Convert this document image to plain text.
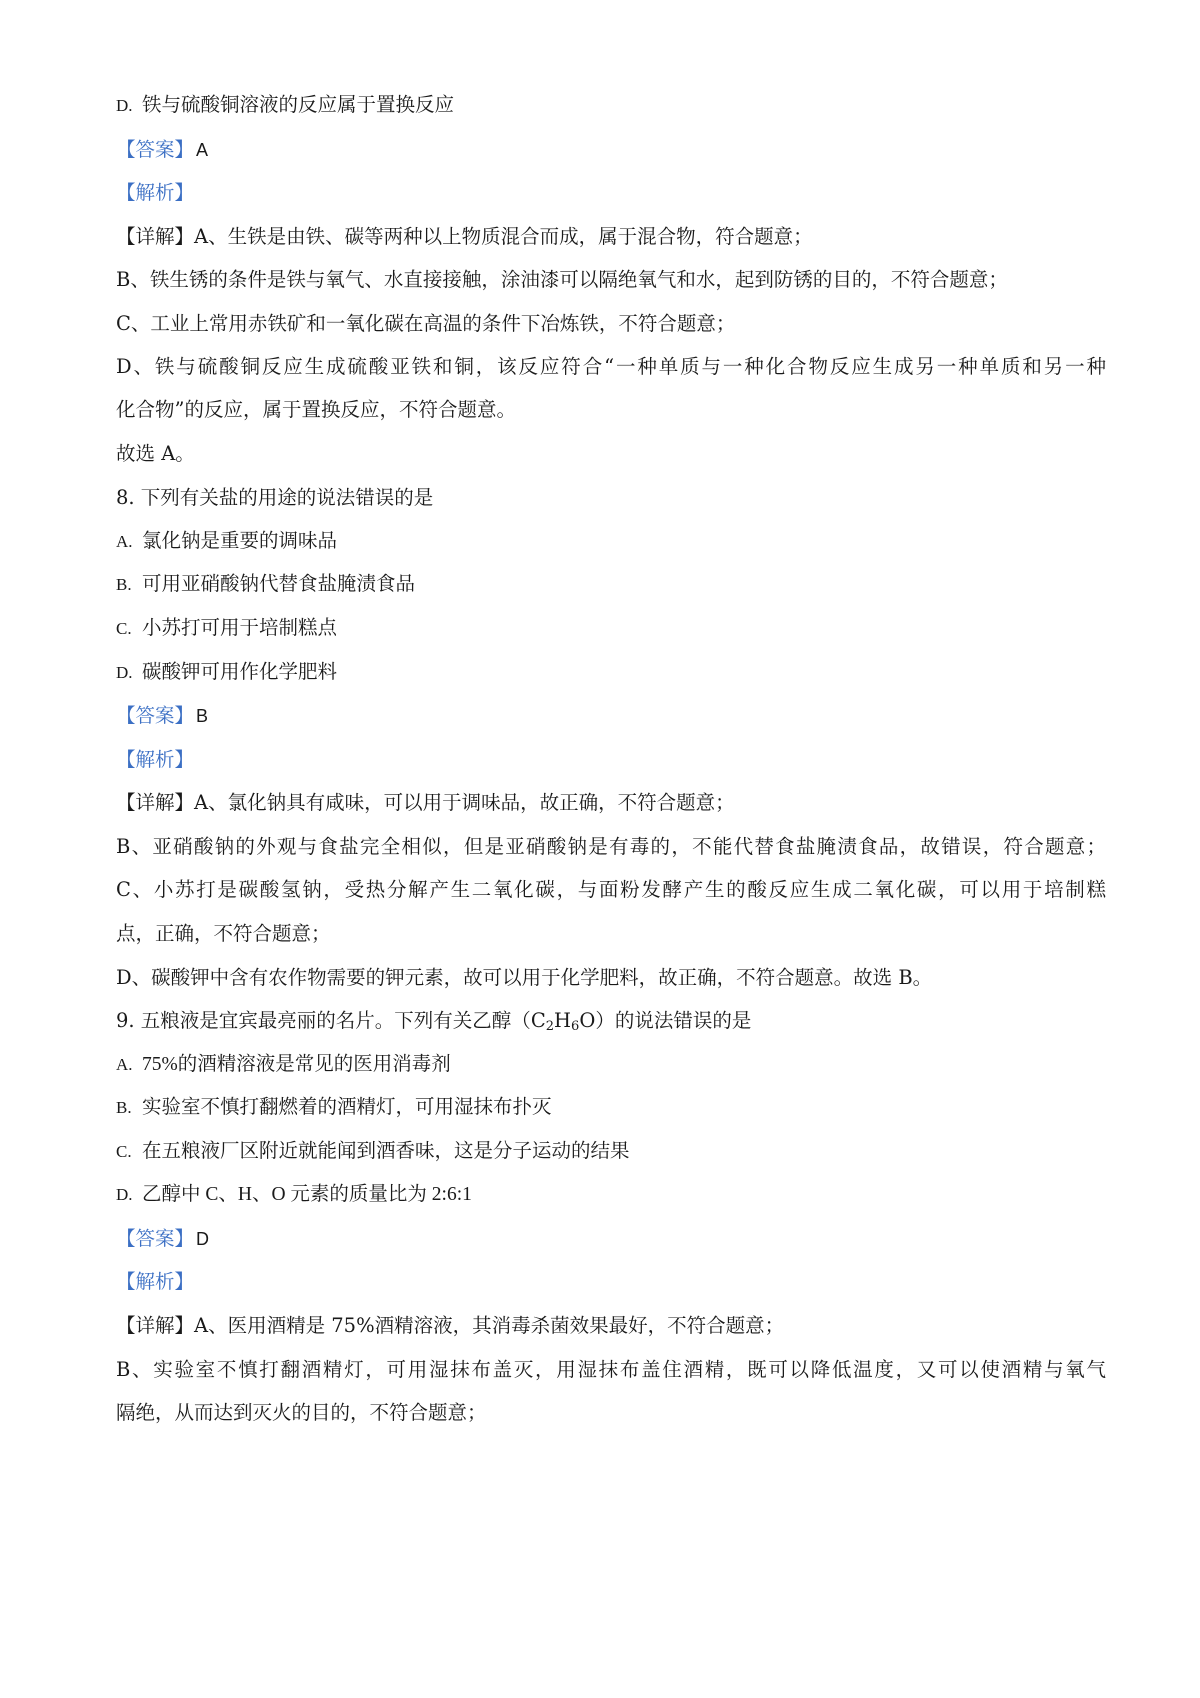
D. 铁与硫酸铜溶液的反应属于置换反应
【答案】 A
【解析】
【详解】A、生铁是由铁、碳等两种以上物质混合而成，属于混合物，符合题意；
B、铁生锈的条件是铁与氧气、水直接接触，涂油漆可以隔绝氧气和水，起到防锈的目的，不符合题意；
C、工业上常用赤铁矿和一氧化碳在高温的条件下冶炼铁，不符合题意；
D、铁与硫酸铜反应生成硫酸亚铁和铜，该反应符合“一种单质与一种化合物反应生成另一种单质和另一种
化合物”的反应，属于置换反应，不符合题意。
故选 A。
8. 下列有关盐的用途的说法错误的是
A. 氯化钠是重要的调味品
B. 可用亚硝酸钠代替食盐腌渍食品
C. 小苏打可用于培制糕点
D. 碳酸钾可用作化学肥料
【答案】 B
【解析】
【详解】A、氯化钠具有咸味，可以用于调味品，故正确，不符合题意；
B、亚硝酸钠的外观与食盐完全相似，但是亚硝酸钠是有毒的，不能代替食盐腌渍食品，故错误，符合题意；
C、小苏打是碳酸氢钠，受热分解产生二氧化碳，与面粉发酵产生的酸反应生成二氧化碳，可以用于培制糕
点，正确，不符合题意；
D、碳酸钾中含有农作物需要的钾元素，故可以用于化学肥料，故正确，不符合题意。故选 B。
9. 五粮液是宜宾最亮丽的名片。下列有关乙醇$(C_2H_6O)$的说法错误的是
A. 75%的酒精溶液是常见的医用消毒剂
B. 实验室不慎打翻燃着的酒精灯，可用湿抹布扑灭
C. 在五粮液厂区附近就能闻到酒香味，这是分子运动的结果
D. 乙醇中 C、H、O 元素的质量比为 2:6:1
【答案】 D
【解析】
【详解】A、医用酒精是 75%酒精溶液，其消毒杀菌效果最好，不符合题意；
B、实验室不慎打翻酒精灯，可用湿抹布盖灭，用湿抹布盖住酒精，既可以降低温度，又可以使酒精与氧气
隔绝，从而达到灭火的目的，不符合题意；
